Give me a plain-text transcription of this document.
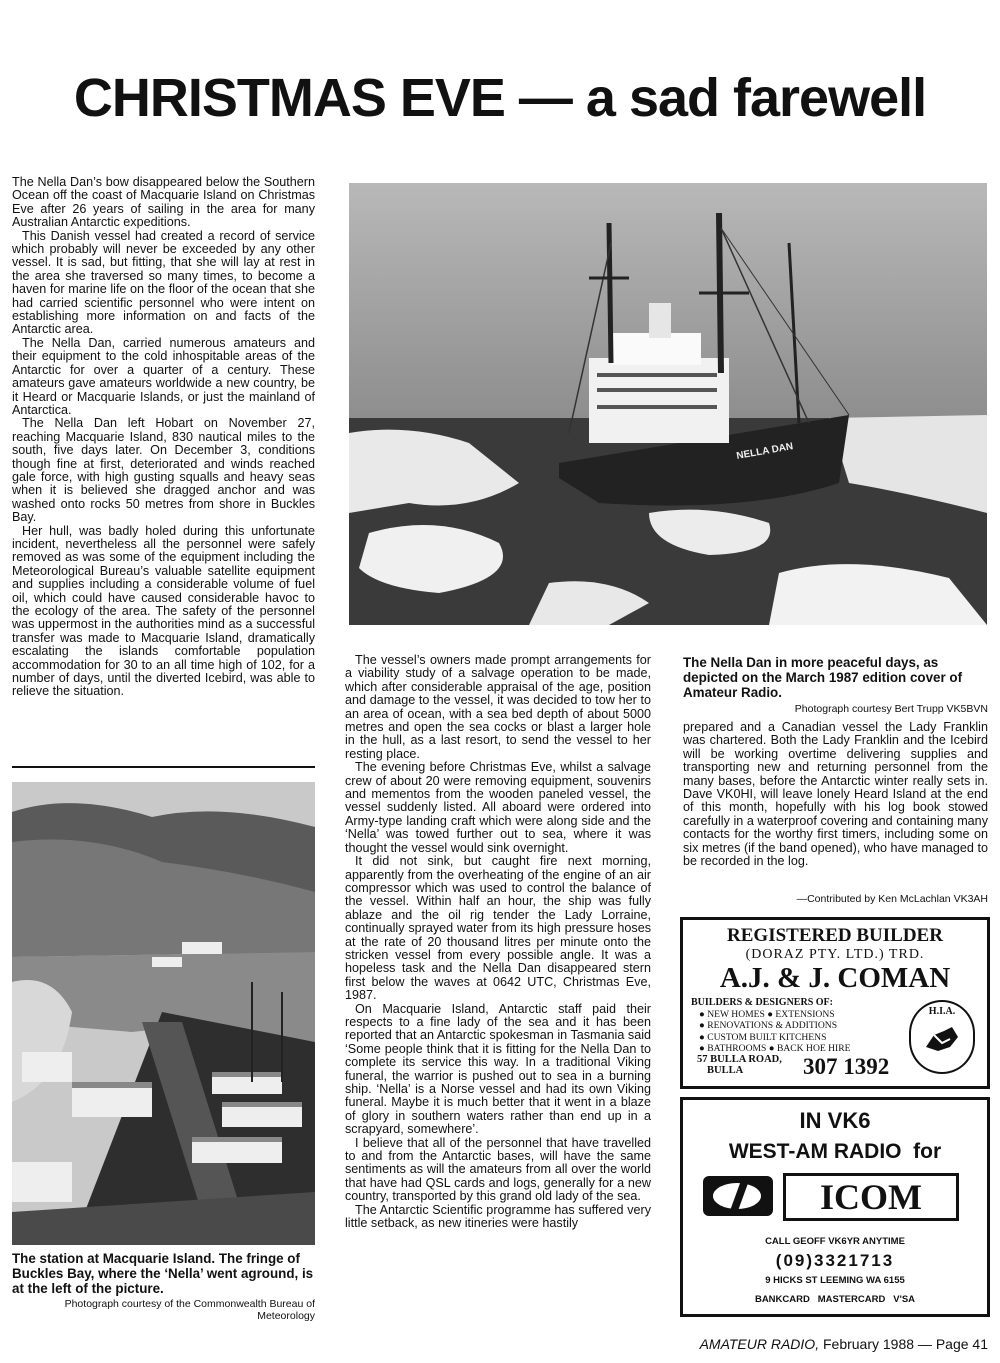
CHRISTMAS EVE — a sad farewell

The Nella Dan’s bow disappeared below the Southern Ocean off the coast of Macquarie Island on Christmas Eve after 26 years of sailing in the area for many Australian Antarctic expeditions.

This Danish vessel had created a record of service which probably will never be exceeded by any other vessel. It is sad, but fitting, that she will lay at rest in the area she traversed so many times, to become a haven for marine life on the floor of the ocean that she had carried scientific personnel who were intent on establishing more information on and facts of the Antarctic area.

The Nella Dan, carried numerous amateurs and their equipment to the cold inhospitable areas of the Antarctic for over a quarter of a century. These amateurs gave amateurs worldwide a new country, be it Heard or Macquarie Islands, or just the mainland of Antarctica.

The Nella Dan left Hobart on November 27, reaching Macquarie Island, 830 nautical miles to the south, five days later. On December 3, conditions though fine at first, deteriorated and winds reached gale force, with high gusting squalls and heavy seas when it is believed she dragged anchor and was washed onto rocks 50 metres from shore in Buckles Bay.

Her hull, was badly holed during this unfortunate incident, nevertheless all the personnel were safely removed as was some of the equipment including the Meteorological Bureau’s valuable satellite equipment and supplies including a considerable volume of fuel oil, which could have caused considerable havoc to the ecology of the area. The safety of the personnel was uppermost in the authorities mind as a successful transfer was made to Macquarie Island, dramatically escalating the islands comfortable population accommodation for 30 to an all time high of 102, for a number of days, until the diverted Icebird, was able to relieve the situation.

NELLA DAN
The Nella Dan in more peaceful days, as depicted on the March 1987 edition cover of Amateur Radio.
Photograph courtesy Bert Trupp VK5BVN

The vessel’s owners made prompt arrangements for a viability study of a salvage operation to be made, which after considerable appraisal of the age, position and damage to the vessel, it was decided to tow her to an area of ocean, with a sea bed depth of about 5000 metres and open the sea cocks or blast a larger hole in the hull, as a last resort, to send the vessel to her resting place.

The evening before Christmas Eve, whilst a salvage crew of about 20 were removing equipment, souvenirs and mementos from the wooden paneled vessel, the vessel suddenly listed. All aboard were ordered into Army-type landing craft which were along side and the ‘Nella’ was towed further out to sea, where it was thought the vessel would sink overnight.

It did not sink, but caught fire next morning, apparently from the overheating of the engine of an air compressor which was used to control the balance of the vessel. Within half an hour, the ship was fully ablaze and the oil rig tender the Lady Lorraine, continually sprayed water from its high pressure hoses at the rate of 20 thousand litres per minute onto the stricken vessel from every possible angle. It was a hopeless task and the Nella Dan disappeared stern first below the waves at 0642 UTC, Christmas Eve, 1987.

On Macquarie Island, Antarctic staff paid their respects to a fine lady of the sea and it has been reported that an Antarctic spokesman in Tasmania said ‘Some people think that it is fitting for the Nella Dan to complete its service this way. In a traditional Viking funeral, the warrior is pushed out to sea in a burning ship. ‘Nella’ is a Norse vessel and had its own Viking funeral. Maybe it is much better that it went in a blaze of glory in southern waters rather than end up in a scrapyard, somewhere’.

I believe that all of the personnel that have travelled to and from the Antarctic bases, will have the same sentiments as will the amateurs from all over the world that have had QSL cards and logs, generally for a new country, transported by this grand old lady of the sea.

The Antarctic Scientific programme has suffered very little setback, as new itineries were hastily

prepared and a Canadian vessel the Lady Franklin was chartered. Both the Lady Franklin and the Icebird will be working overtime delivering supplies and transporting new and returning personnel from the many bases, before the Antarctic winter really sets in. Dave VK0HI, will leave lonely Heard Island at the end of this month, hopefully with his log book stowed carefully in a waterproof covering and containing many contacts for the worthy first timers, including some on six metres (if the band opened), who have managed to be recorded in the log.

—Contributed by Ken McLachlan VK3AH
The station at Macquarie Island. The fringe of Buckles Bay, where the ‘Nella’ went aground, is at the left of the picture.
Photograph courtesy of the Commonwealth Bureau of Meteorology
REGISTERED BUILDER
(DORAZ PTY. LTD.) TRD.
A.J. & J. COMAN
BUILDERS & DESIGNERS OF:
● NEW HOMES ● EXTENSIONS
● RENOVATIONS & ADDITIONS
● CUSTOM BUILT KITCHENS
● BATHROOMS ● BACK HOE HIRE
57 BULLA ROAD,
BULLA	307 1392
H.I.A.
IN VK6
WEST-AM RADIO  for
ICOM
CALL GEOFF VK6YR ANYTIME
(09)3321713
9 HICKS ST LEEMING WA 6155
BANKCARD   MASTERCARD   V'SA
AMATEUR RADIO, February 1988 — Page 41
